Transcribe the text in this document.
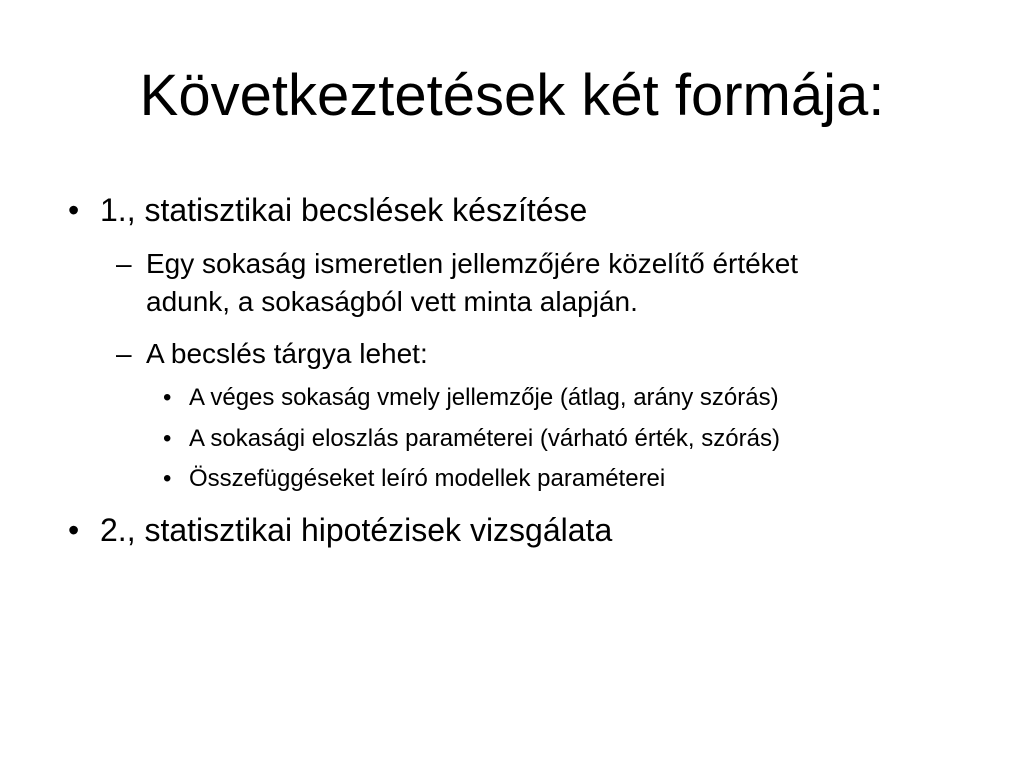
Következtetések két formája:
• 1., statisztikai becslések készítése
– Egy sokaság ismeretlen jellemzőjére közelítő értéket
adunk, a sokaságból vett minta alapján.
– A becslés tárgya lehet:
• A véges sokaság vmely jellemzője (átlag, arány szórás)
• A sokasági eloszlás paraméterei (várható érték, szórás)
• Összefüggéseket leíró modellek paraméterei
• 2., statisztikai hipotézisek vizsgálata
